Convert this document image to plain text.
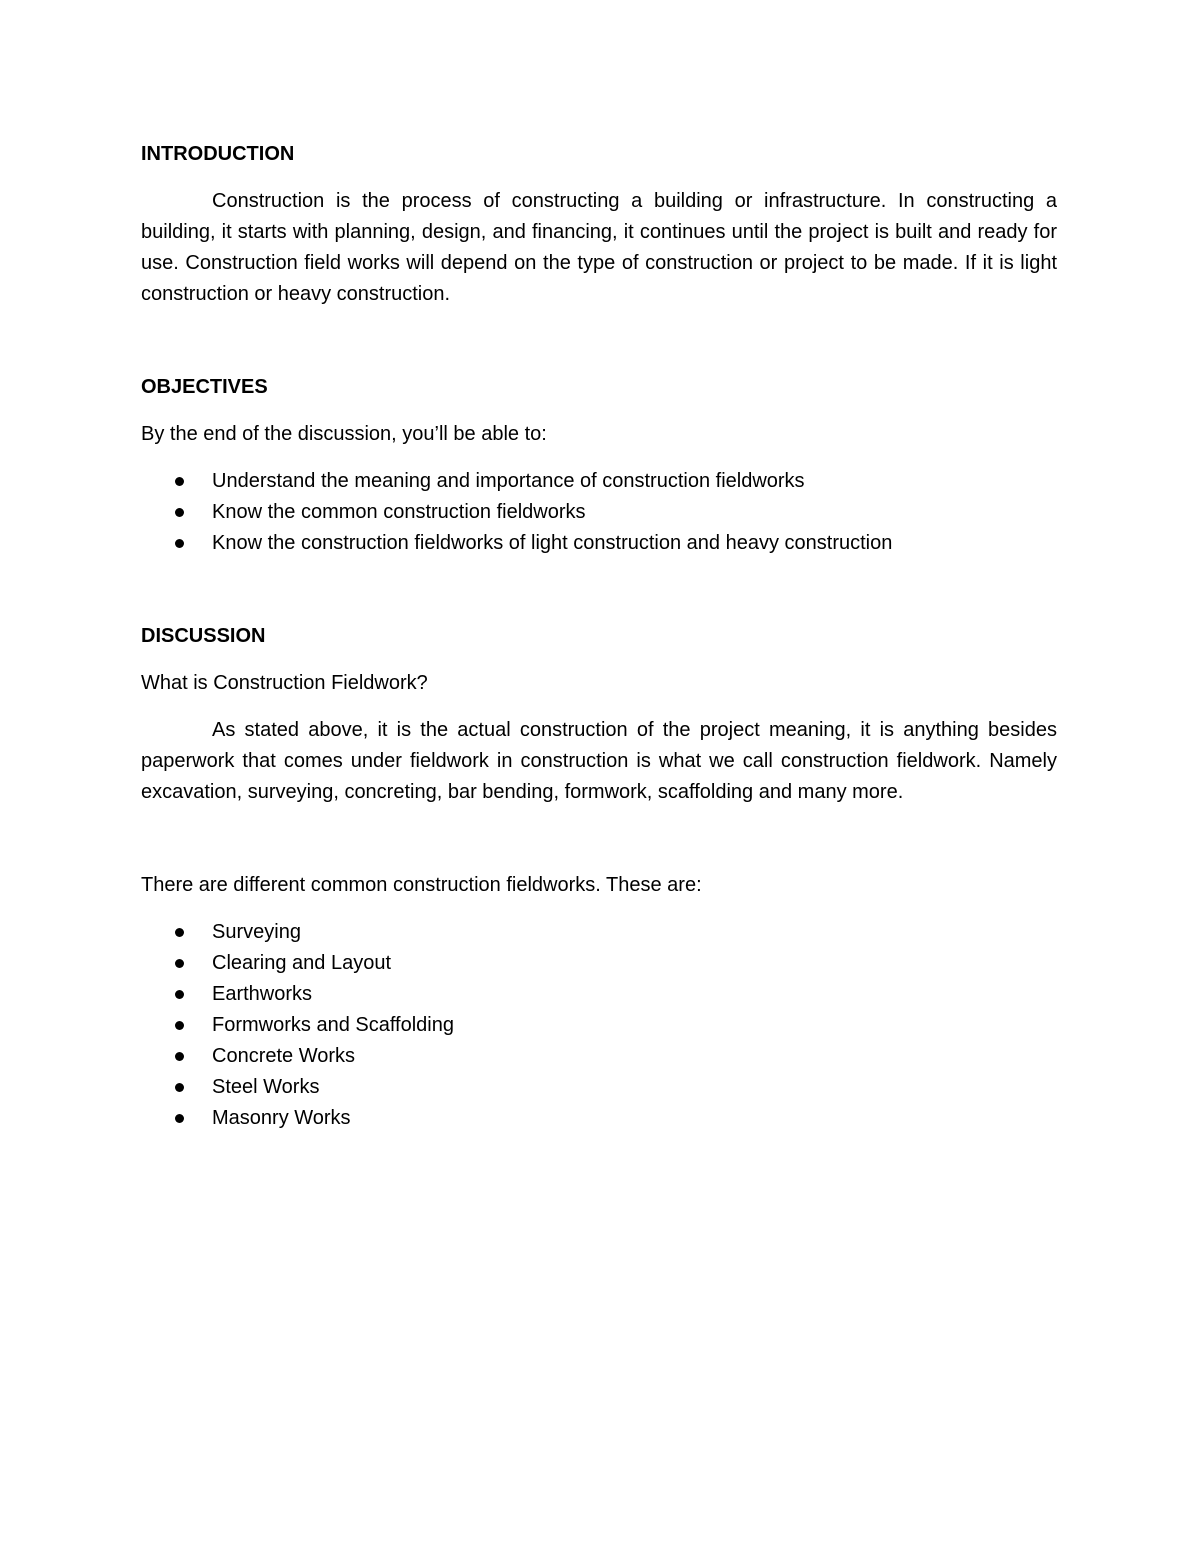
INTRODUCTION

Construction is the process of constructing a building or infrastructure. In constructing a building, it starts with planning, design, and financing, it continues until the project is built and ready for use. Construction field works will depend on the type of construction or project to be made. If it is light construction or heavy construction.

OBJECTIVES

By the end of the discussion, you’ll be able to:

Understand the meaning and importance of construction fieldworks
Know the common construction fieldworks
Know the construction fieldworks of light construction and heavy construction

DISCUSSION

What is Construction Fieldwork?

As stated above, it is the actual construction of the project meaning, it is anything besides paperwork that comes under fieldwork in construction is what we call construction fieldwork. Namely excavation, surveying, concreting, bar bending, formwork, scaffolding and many more.

There are different common construction fieldworks. These are:

Surveying
Clearing and Layout
Earthworks
Formworks and Scaffolding
Concrete Works
Steel Works
Masonry Works
